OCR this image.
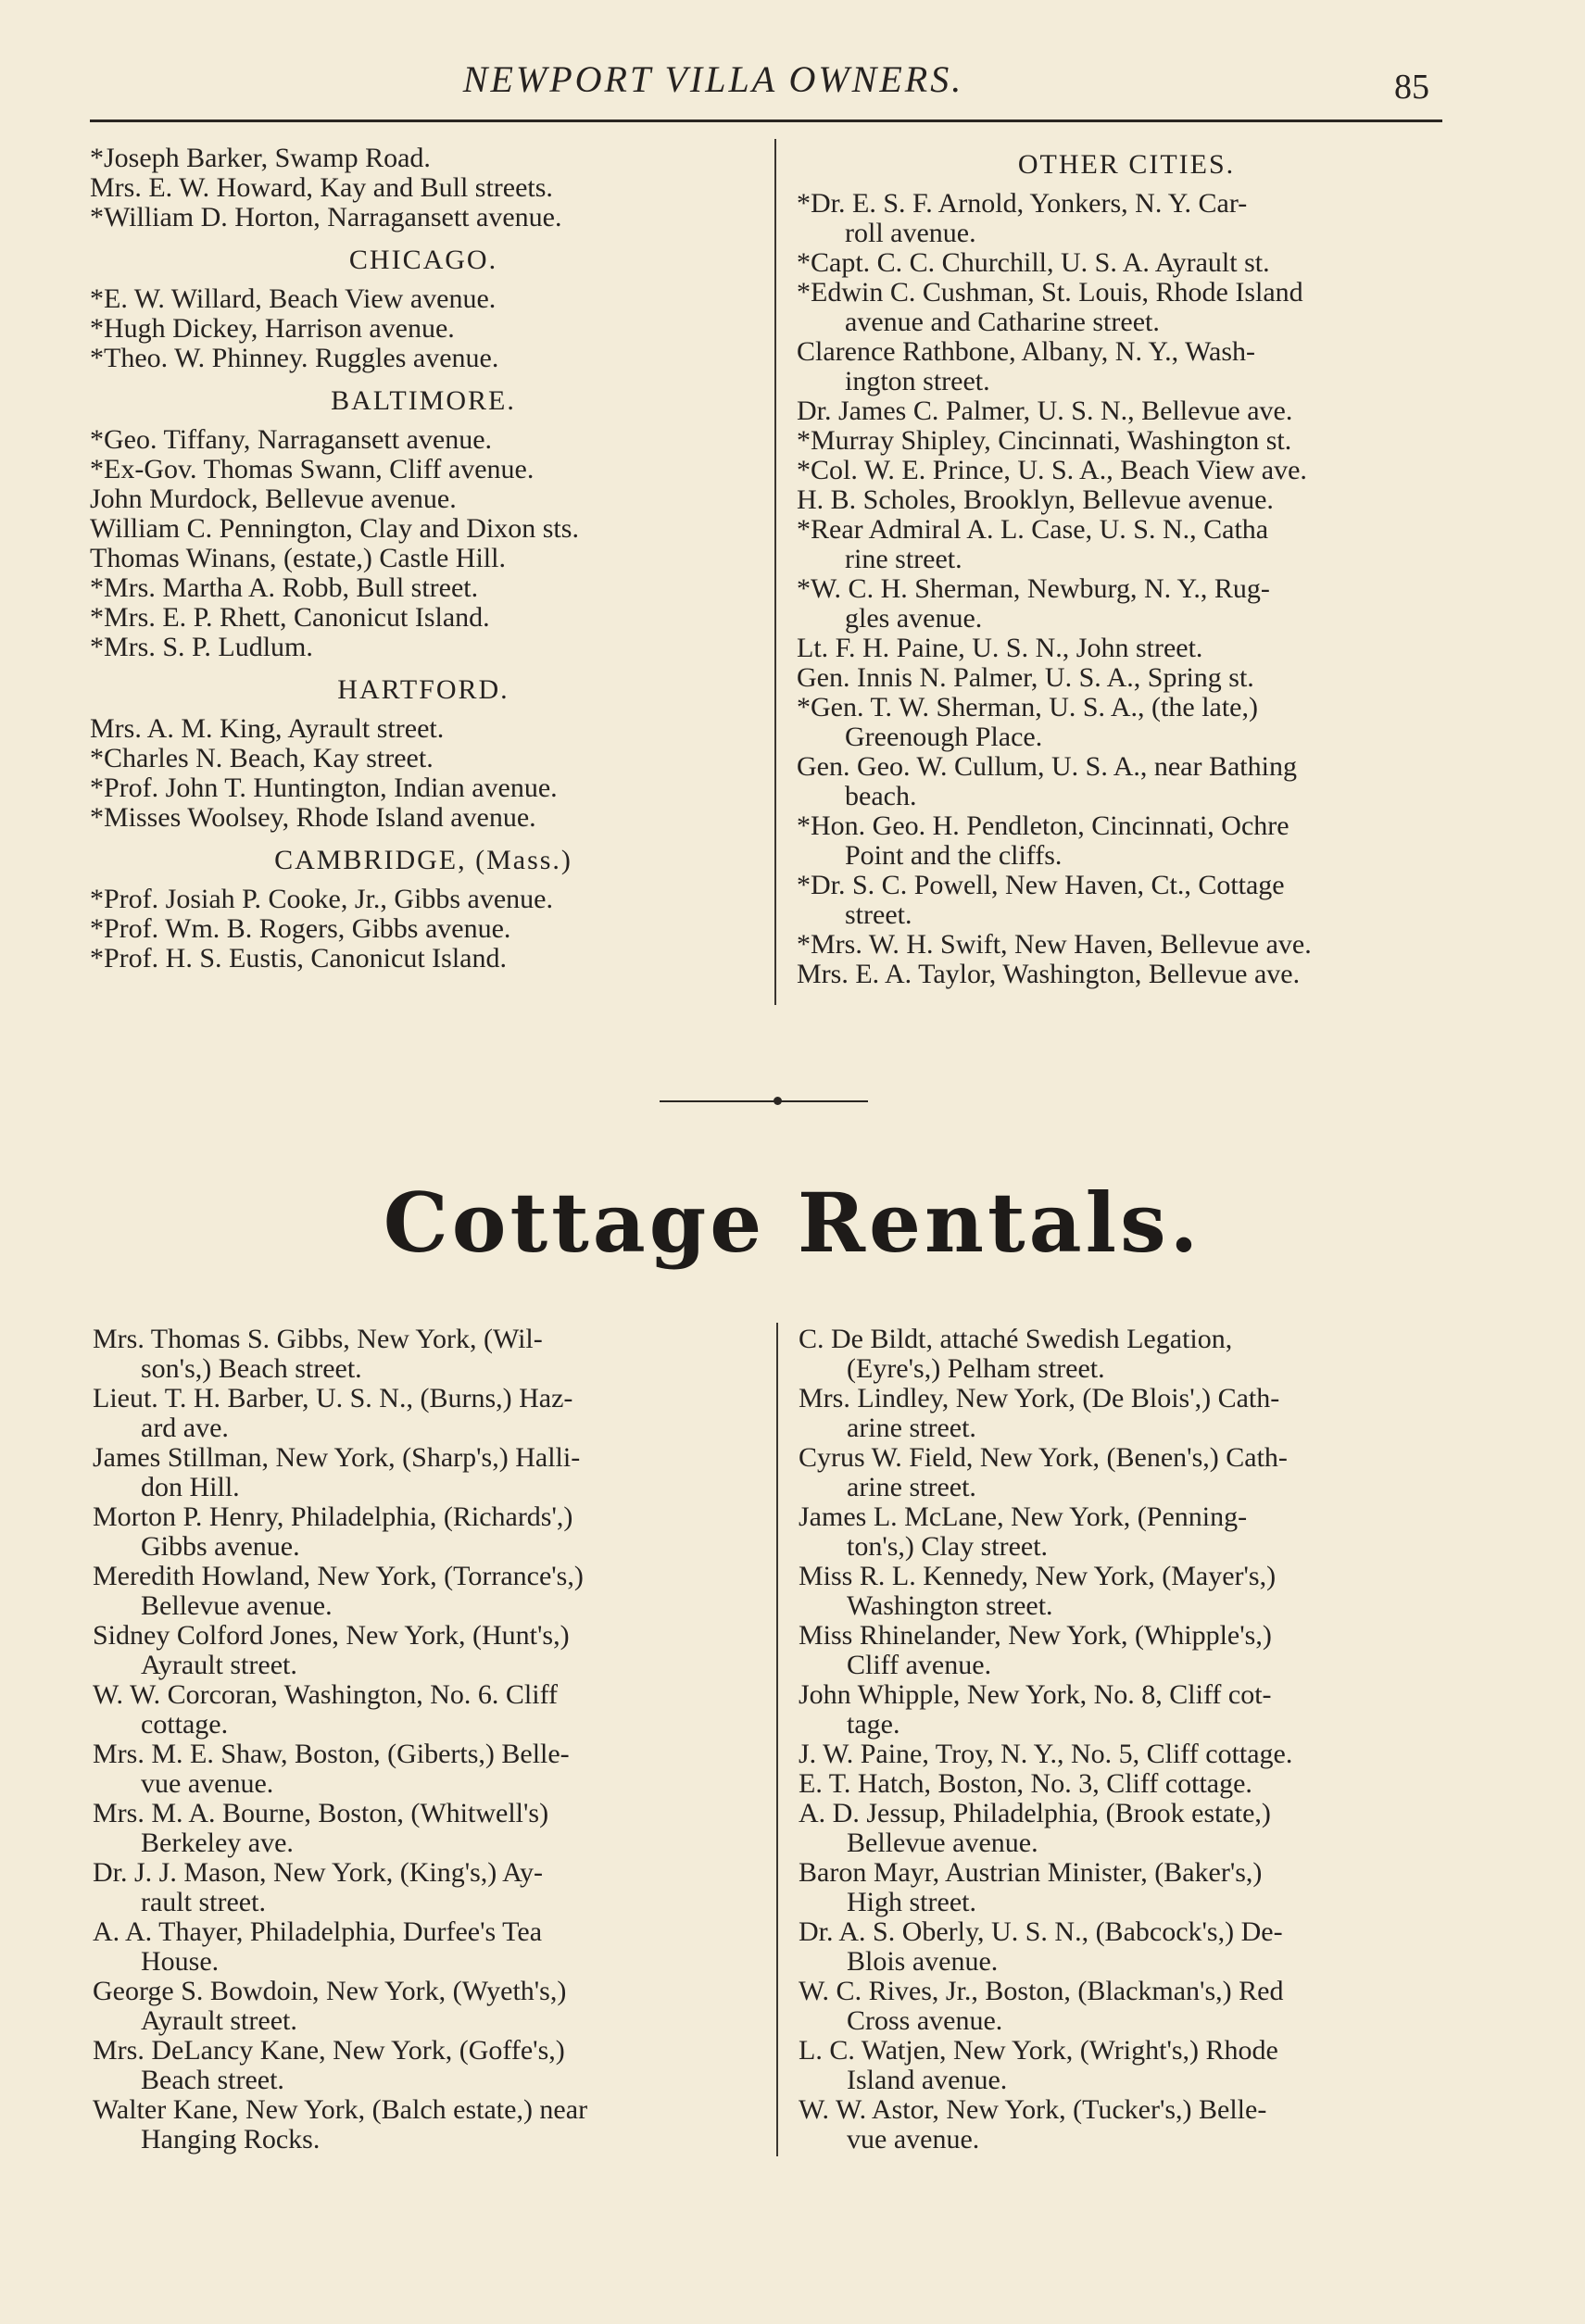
NEWPORT VILLA OWNERS.	85
*Joseph Barker, Swamp Road.
Mrs. E. W. Howard, Kay and Bull streets.
*William D. Horton, Narragansett avenue.
CHICAGO.
*E. W. Willard, Beach View avenue.
*Hugh Dickey, Harrison avenue.
*Theo. W. Phinney. Ruggles avenue.
BALTIMORE.
*Geo. Tiffany, Narragansett avenue.
*Ex-Gov. Thomas Swann, Cliff avenue.
John Murdock, Bellevue avenue.
William C. Pennington, Clay and Dixon sts.
Thomas Winans, (estate,) Castle Hill.
*Mrs. Martha A. Robb, Bull street.
*Mrs. E. P. Rhett, Canonicut Island.
*Mrs. S. P. Ludlum.
HARTFORD.
Mrs. A. M. King, Ayrault street.
*Charles N. Beach, Kay street.
*Prof. John T. Huntington, Indian avenue.
*Misses Woolsey, Rhode Island avenue.
CAMBRIDGE, (Mass.)
*Prof. Josiah P. Cooke, Jr., Gibbs avenue.
*Prof. Wm. B. Rogers, Gibbs avenue.
*Prof. H. S. Eustis, Canonicut Island.
OTHER CITIES.
*Dr. E. S. F. Arnold, Yonkers, N. Y. Car-
roll avenue.
*Capt. C. C. Churchill, U. S. A. Ayrault st.
*Edwin C. Cushman, St. Louis, Rhode Island
avenue and Catharine street.
Clarence Rathbone, Albany, N. Y., Wash-
ington street.
Dr. James C. Palmer, U. S. N., Bellevue ave.
*Murray Shipley, Cincinnati, Washington st.
*Col. W. E. Prince, U. S. A., Beach View ave.
H. B. Scholes, Brooklyn, Bellevue avenue.
*Rear Admiral A. L. Case, U. S. N., Catha
rine street.
*W. C. H. Sherman, Newburg, N. Y., Rug-
gles avenue.
Lt. F. H. Paine, U. S. N., John street.
Gen. Innis N. Palmer, U. S. A., Spring st.
*Gen. T. W. Sherman, U. S. A., (the late,)
Greenough Place.
Gen. Geo. W. Cullum, U. S. A., near Bathing
beach.
*Hon. Geo. H. Pendleton, Cincinnati, Ochre
Point and the cliffs.
*Dr. S. C. Powell, New Haven, Ct., Cottage
street.
*Mrs. W. H. Swift, New Haven, Bellevue ave.
Mrs. E. A. Taylor, Washington, Bellevue ave.
Cottage Rentals.
Mrs. Thomas S. Gibbs, New York, (Wil-
son's,) Beach street.
Lieut. T. H. Barber, U. S. N., (Burns,) Haz-
ard ave.
James Stillman, New York, (Sharp's,) Halli-
don Hill.
Morton P. Henry, Philadelphia, (Richards',)
Gibbs avenue.
Meredith Howland, New York, (Torrance's,)
Bellevue avenue.
Sidney Colford Jones, New York, (Hunt's,)
Ayrault street.
W. W. Corcoran, Washington, No. 6. Cliff
cottage.
Mrs. M. E. Shaw, Boston, (Giberts,) Belle-
vue avenue.
Mrs. M. A. Bourne, Boston, (Whitwell's)
Berkeley ave.
Dr. J. J. Mason, New York, (King's,) Ay-
rault street.
A. A. Thayer, Philadelphia, Durfee's Tea
House.
George S. Bowdoin, New York, (Wyeth's,)
Ayrault street.
Mrs. DeLancy Kane, New York, (Goffe's,)
Beach street.
Walter Kane, New York, (Balch estate,) near
Hanging Rocks.
C. De Bildt, attaché Swedish Legation,
(Eyre's,) Pelham street.
Mrs. Lindley, New York, (De Blois',) Cath-
arine street.
Cyrus W. Field, New York, (Benen's,) Cath-
arine street.
James L. McLane, New York, (Penning-
ton's,) Clay street.
Miss R. L. Kennedy, New York, (Mayer's,)
Washington street.
Miss Rhinelander, New York, (Whipple's,)
Cliff avenue.
John Whipple, New York, No. 8, Cliff cot-
tage.
J. W. Paine, Troy, N. Y., No. 5, Cliff cottage.
E. T. Hatch, Boston, No. 3, Cliff cottage.
A. D. Jessup, Philadelphia, (Brook estate,)
Bellevue avenue.
Baron Mayr, Austrian Minister, (Baker's,)
High street.
Dr. A. S. Oberly, U. S. N., (Babcock's,) De-
Blois avenue.
W. C. Rives, Jr., Boston, (Blackman's,) Red
Cross avenue.
L. C. Watjen, New York, (Wright's,) Rhode
Island avenue.
W. W. Astor, New York, (Tucker's,) Belle-
vue avenue.
